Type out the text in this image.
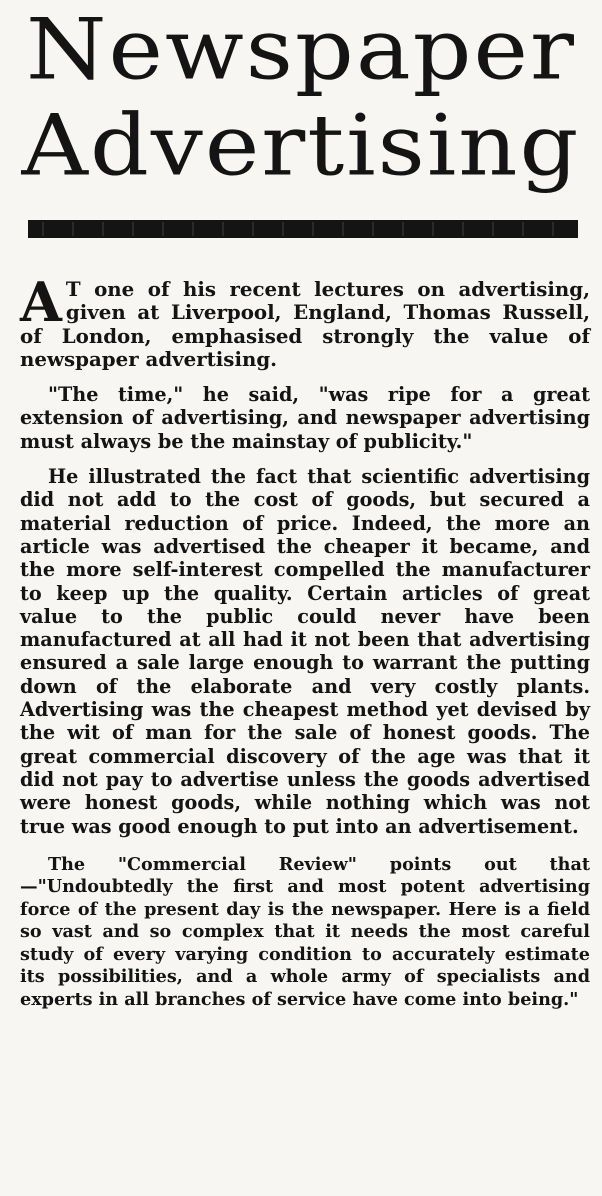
Newspaper
Advertising

AT one of his recent lectures on advertising, given at Liverpool, England, Thomas Russell, of London, emphasised strongly the value of newspaper advertising.

"The time," he said, "was ripe for a great extension of advertising, and newspaper advertising must always be the mainstay of publicity."

He illustrated the fact that scientific advertising did not add to the cost of goods, but secured a material reduction of price. Indeed, the more an article was advertised the cheaper it became, and the more self-interest compelled the manufacturer to keep up the quality. Certain articles of great value to the public could never have been manufactured at all had it not been that advertising ensured a sale large enough to warrant the putting down of the elaborate and very costly plants. Advertising was the cheapest method yet devised by the wit of man for the sale of honest goods. The great commercial discovery of the age was that it did not pay to advertise unless the goods advertised were honest goods, while nothing which was not true was good enough to put into an advertisement.

The "Commercial Review" points out that—"Undoubtedly the first and most potent advertising force of the present day is the newspaper. Here is a field so vast and so complex that it needs the most careful study of every varying condition to accurately estimate its possibilities, and a whole army of specialists and experts in all branches of service have come into being."
